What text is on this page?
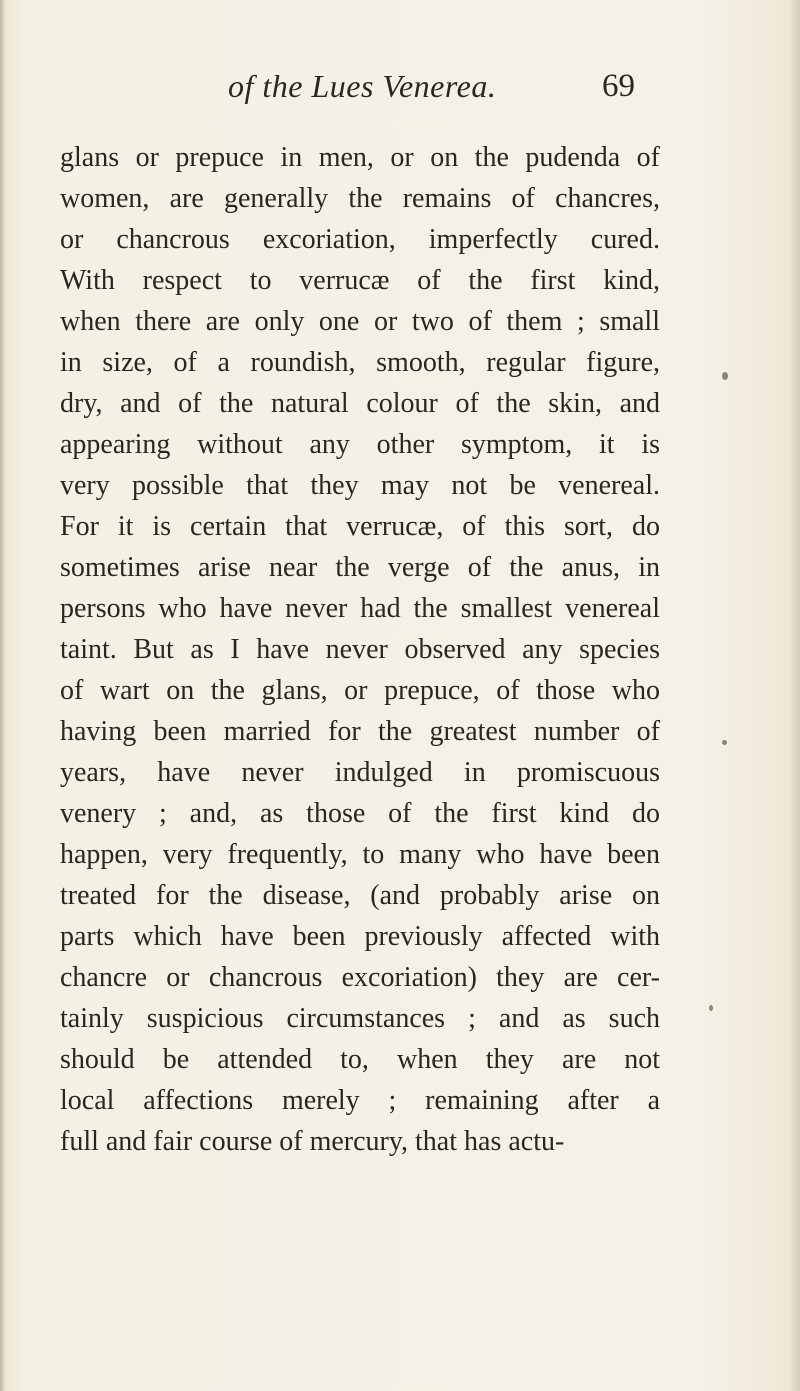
of the Lues Venerea.	69
glans or prepuce in men, or on the pudenda of
women, are generally the remains of chancres,
or chancrous excoriation, imperfectly cured.
With respect to verrucæ of the first kind,
when there are only one or two of them ; small
in size, of a roundish, smooth, regular figure,
dry, and of the natural colour of the skin, and
appearing without any other symptom, it is
very possible that they may not be venereal.
For it is certain that verrucæ, of this sort, do
sometimes arise near the verge of the anus, in
persons who have never had the smallest venereal
taint. But as I have never observed any species
of wart on the glans, or prepuce, of those who
having been married for the greatest number of
years, have never indulged in promiscuous
venery ; and, as those of the first kind do
happen, very frequently, to many who have been
treated for the disease, (and probably arise on
parts which have been previously affected with
chancre or chancrous excoriation) they are cer-
tainly suspicious circumstances ; and as such
should be attended to, when they are not
local affections merely ; remaining after a
full and fair course of mercury, that has actu-
